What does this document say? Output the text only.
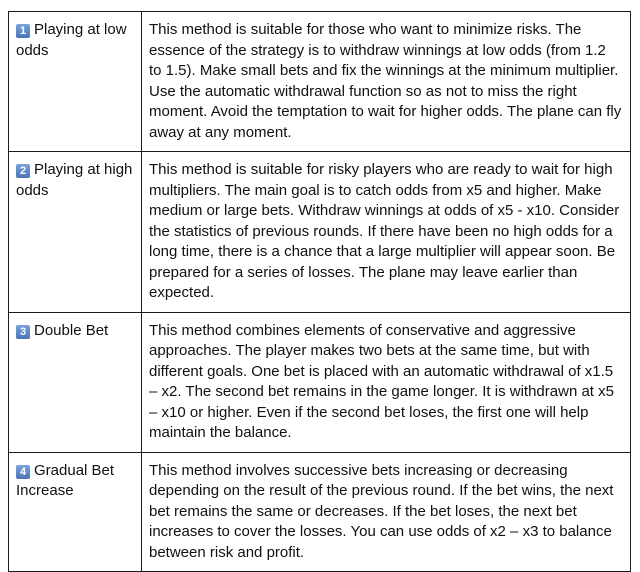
1 Playing at low odds	This method is suitable for those who want to minimize risks. The essence of the strategy is to withdraw winnings at low odds (from 1.2 to 1.5). Make small bets and fix the winnings at the minimum multiplier. Use the automatic withdrawal function so as not to miss the right moment. Avoid the temptation to wait for higher odds. The plane can fly away at any moment.
2 Playing at high odds	This method is suitable for risky players who are ready to wait for high multipliers. The main goal is to catch odds from x5 and higher. Make medium or large bets. Withdraw winnings at odds of x5 - x10. Consider the statistics of previous rounds. If there have been no high odds for a long time, there is a chance that a large multiplier will appear soon. Be prepared for a series of losses. The plane may leave earlier than expected.
3 Double Bet	This method combines elements of conservative and aggressive approaches. The player makes two bets at the same time, but with different goals. One bet is placed with an automatic withdrawal of x1.5 – x2. The second bet remains in the game longer. It is withdrawn at x5 – x10 or higher. Even if the second bet loses, the first one will help maintain the balance.
4 Gradual Bet Increase	This method involves successive bets increasing or decreasing depending on the result of the previous round. If the bet wins, the next bet remains the same or decreases. If the bet loses, the next bet increases to cover the losses. You can use odds of x2 – x3 to balance between risk and profit.
